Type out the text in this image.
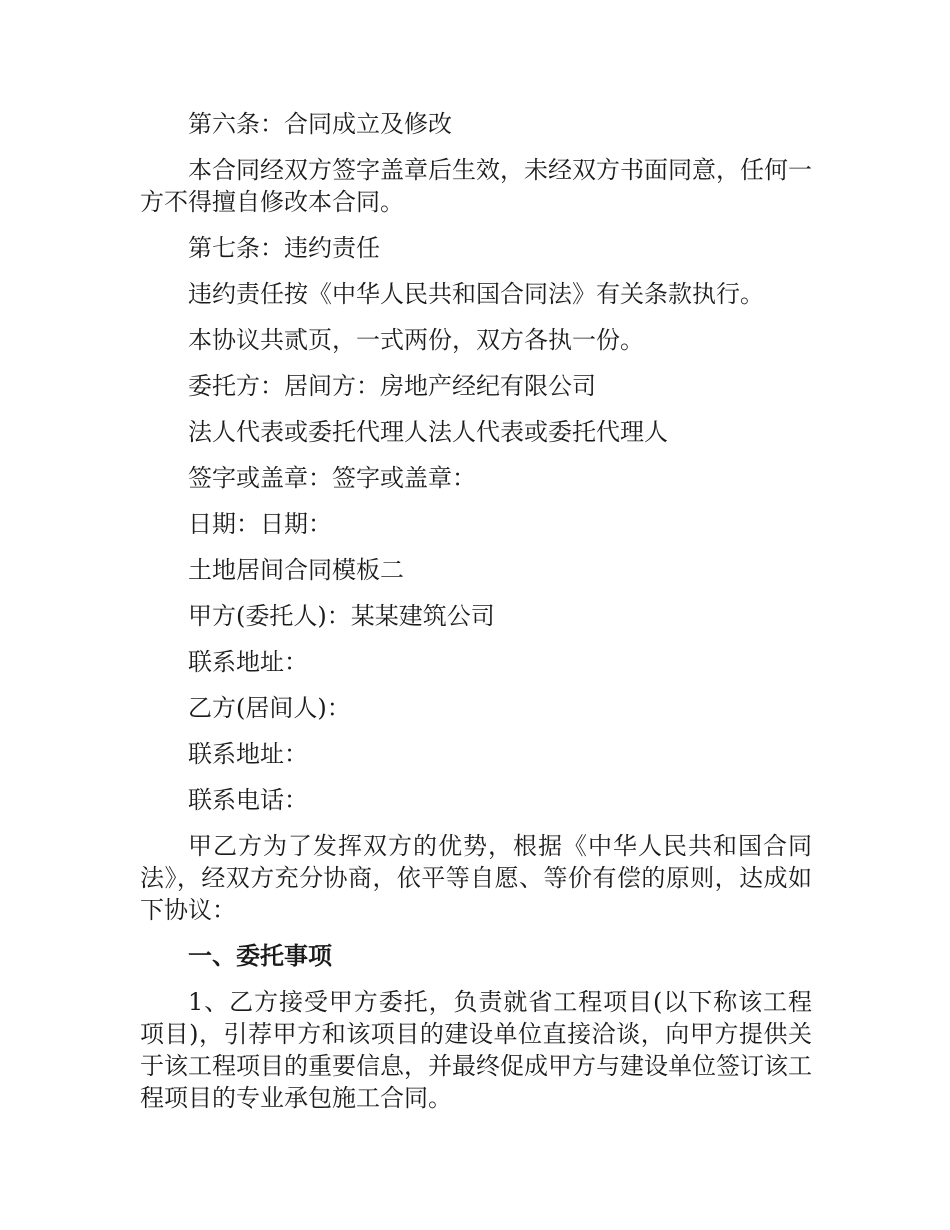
第六条：合同成立及修改

本合同经双方签字盖章后生效，未经双方书面同意，任何一方不得擅自修改本合同。

第七条：违约责任

违约责任按《中华人民共和国合同法》有关条款执行。

本协议共贰页，一式两份，双方各执一份。

委托方：居间方：房地产经纪有限公司

法人代表或委托代理人法人代表或委托代理人

签字或盖章：签字或盖章：

日期：日期：

土地居间合同模板二

甲方(委托人)：某某建筑公司

联系地址：

乙方(居间人)：

联系地址：

联系电话：

甲乙方为了发挥双方的优势，根据《中华人民共和国合同法》，经双方充分协商，依平等自愿、等价有偿的原则，达成如下协议：

一、委托事项

1、乙方接受甲方委托，负责就省工程项目(以下称该工程项目)，引荐甲方和该项目的建设单位直接洽谈，向甲方提供关于该工程项目的重要信息，并最终促成甲方与建设单位签订该工程项目的专业承包施工合同。
